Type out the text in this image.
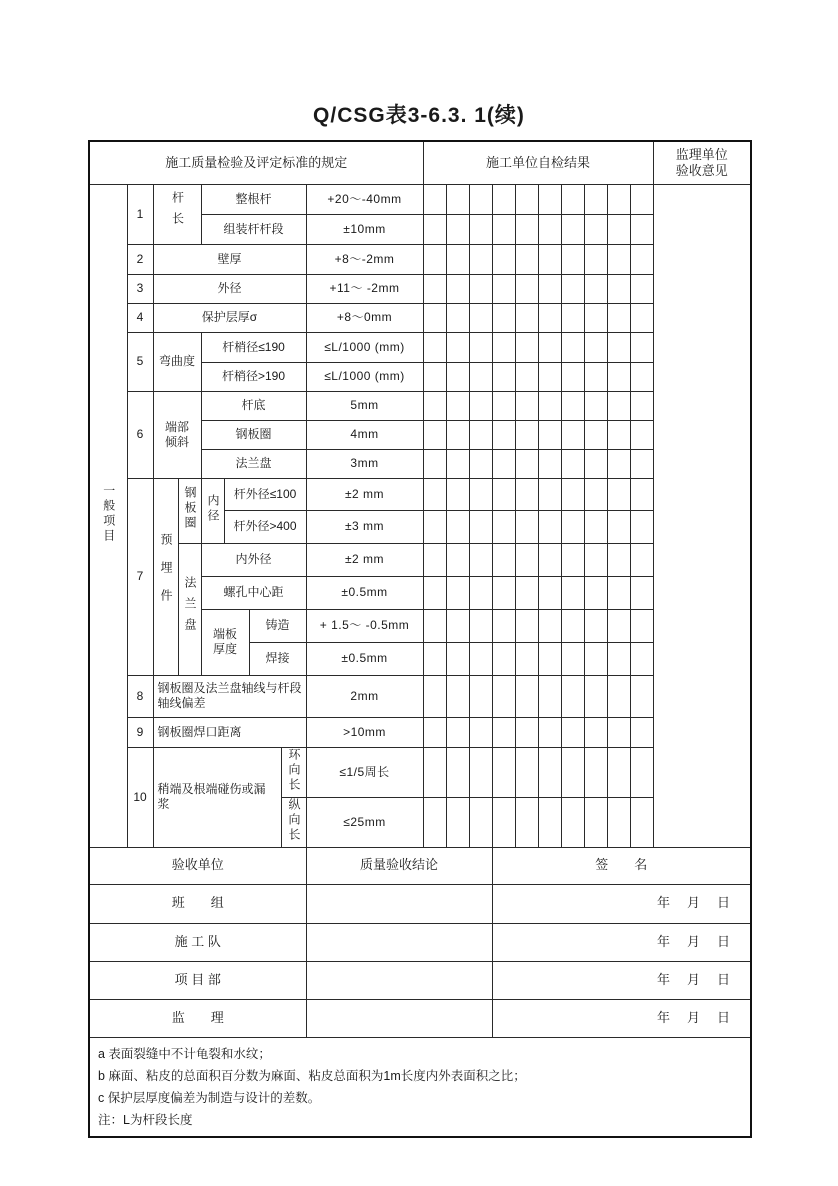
Q/CSG表3-6.3. 1(续)
施工质量检验及评定标准的规定									施工单位自检结果										监理单位
验收意见

一般项目	1	杆长		整根杆				+20～-40mm											
				组装杆杆段				±10mm											
	2	壁厚						+8～-2mm											
	3	外径						+11～ -2mm											
	4	保护层厚σ						+8～0mm											
	5	弯曲度		杆梢径≤190				≤L/1000 (mm)											
				杆梢径>190				≤L/1000 (mm)											
	6	端部倾斜		杆底				5mm											
				钢板圈				4mm											
				法兰盘				3mm											
	7	预埋件	钢板圈	内径	杆外径≤100			±2 mm											
					杆外径>400			±3 mm											
			法兰盘	内外径				±2 mm											
				螺孔中心距				±0.5mm											
				端板厚度		铸造		+ 1.5～ -0.5mm											
						焊接		±0.5mm											
	8	钢板圈及法兰盘轴线与杆段轴线偏差						2mm											
	9	钢板圈焊口距离						>10mm											
	10	稍端及根端碰伤或漏浆					环向长	≤1/5周长											
							纵向长	≤25mm											
验收单位								质量验收结论				签　　名							
班　　组												年　月　日							
施 工 队												年　月　日							
项 目 部												年　月　日							
监　　理												年　月　日							

a 表面裂缝中不计龟裂和水纹；
b 麻面、粘皮的总面积百分数为麻面、粘皮总面积为1m长度内外表面积之比；
c 保护层厚度偏差为制造与设计的差数。
注：L为杆段长度																			
